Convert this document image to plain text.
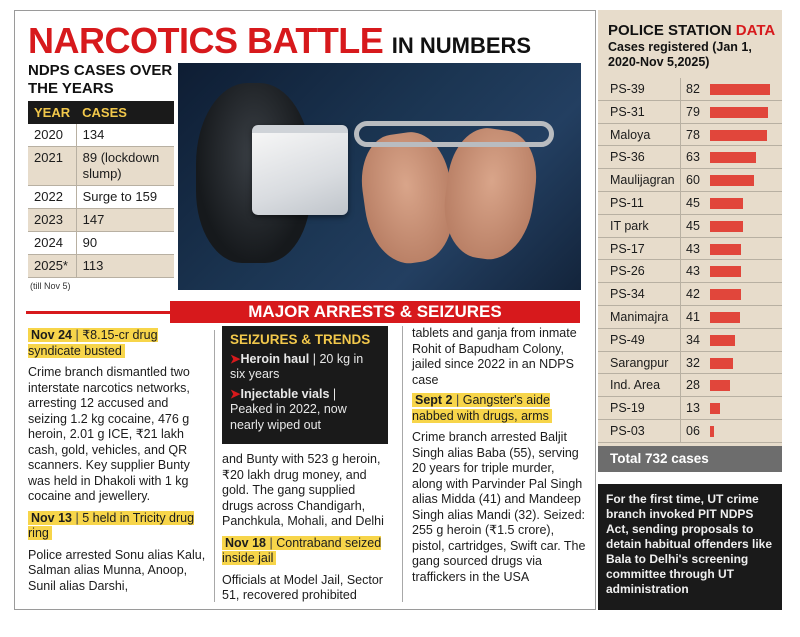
NARCOTICS BATTLE IN NUMBERS
NDPS CASES OVER THE YEARS
YEAR	CASES
2020	134
2021	89 (lockdown slump)
2022	Surge to 159
2023	147
2024	90
2025*	113
(till Nov 5)
MAJOR ARRESTS & SEIZURES
Nov 24 | ₹8.15-cr drug syndicate busted
Crime branch dismantled two interstate narcotics networks, arresting 12 accused and seizing 1.2 kg cocaine, 476 g heroin, 2.01 g ICE, ₹21 lakh cash, gold, vehicles, and QR scanners. Key supplier Bunty was held in Dhakoli with 1 kg cocaine and jewellery.
Nov 13 | 5 held in Tricity drug ring
Police arrested Sonu alias Kalu, Salman alias Munna, Anoop, Sunil alias Darshi,
SEIZURES & TRENDS
➤Heroin haul | 20 kg in six years
➤Injectable vials | Peaked in 2022, now nearly wiped out
and Bunty with 523 g heroin, ₹20 lakh drug money, and gold. The gang supplied drugs across Chandigarh, Panchkula, Mohali, and Delhi
Nov 18 | Contraband seized inside jail
Officials at Model Jail, Sector 51, recovered prohibited
tablets and ganja from inmate Rohit of Bapudham Colony, jailed since 2022 in an NDPS case
Sept 2 | Gangster's aide nabbed with drugs, arms
Crime branch arrested Baljit Singh alias Baba (55), serving 20 years for triple murder, along with Parvinder Pal Singh alias Midda (41) and Mandeep Singh alias Mandi (32). Seized: 255 g heroin (₹1.5 crore), pistol, cartridges, Swift car. The gang sourced drugs via traffickers in the USA
POLICE STATION DATA
Cases registered (Jan 1, 2020-Nov 5,2025)
PS-39	82
PS-31	79
Maloya	78
PS-36	63
Maulijagran 60
PS-11	45
IT park	45
PS-17	43
PS-26	43
PS-34	42
Manimajra 41
PS-49	34
Sarangpur 32
Ind. Area 28
PS-19	13
PS-03	06
Total 732 cases
For the first time, UT crime branch invoked PIT NDPS Act, sending proposals to detain habitual offenders like Bala to Delhi's screening committee through UT administration
